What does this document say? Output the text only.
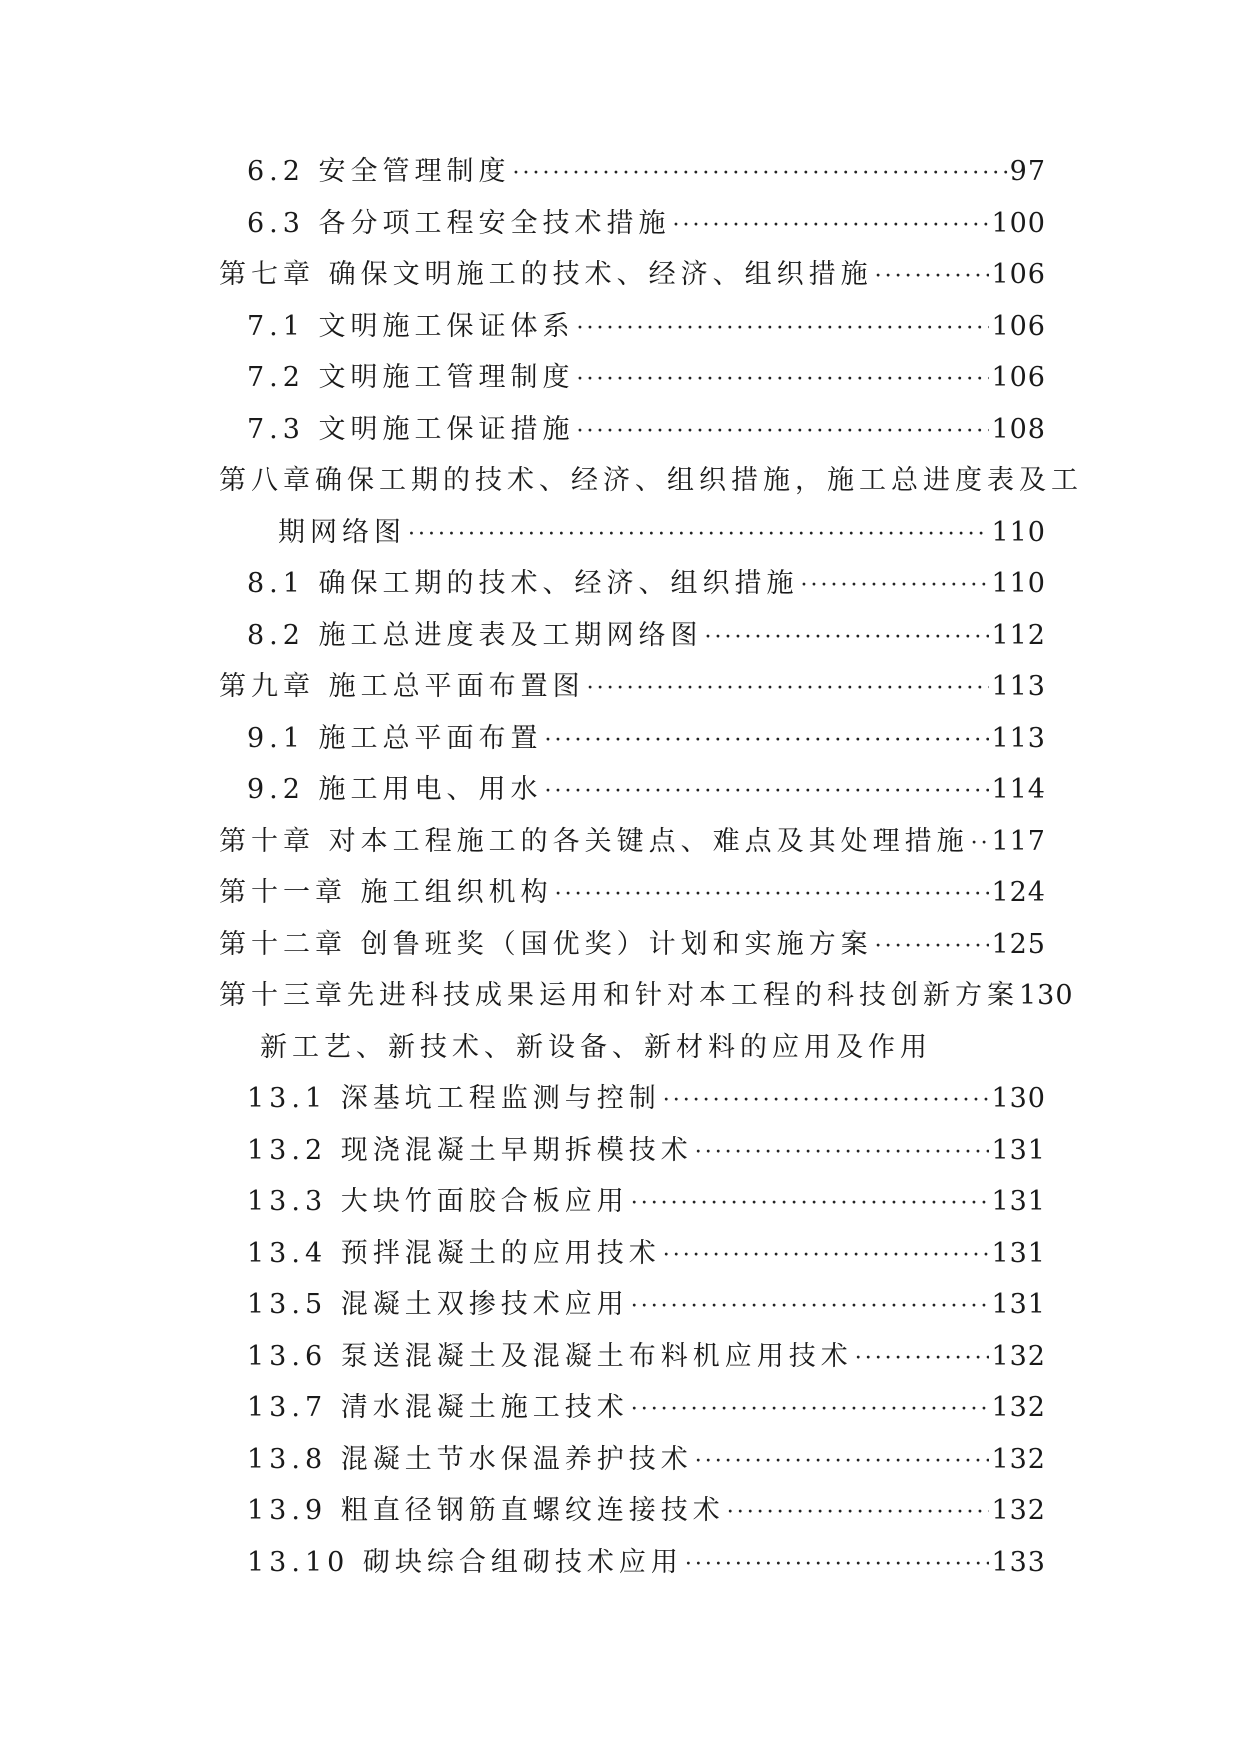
6.2 安全管理制度 ·····	97
6.3 各分项工程安全技术措施 ·····	100
第七章 确保文明施工的技术、经济、组织措施 ·····	106
7.1 文明施工保证体系 ·····	106
7.2 文明施工管理制度 ·····	106
7.3 文明施工保证措施 ·····	108
第八章确保工期的技术、经济、组织措施，施工总进度表及工
期网络图 ·····	110
8.1 确保工期的技术、经济、组织措施 ·····	110
8.2 施工总进度表及工期网络图 ·····	112
第九章 施工总平面布置图 ·····	113
9.1 施工总平面布置 ·····	113
9.2 施工用电、用水 ·····	114
第十章 对本工程施工的各关键点、难点及其处理措施 ····· 117
第十一章 施工组织机构 ·····	124
第十二章 创鲁班奖（国优奖）计划和实施方案 ·····	125
第十三章先进科技成果运用和针对本工程的科技创新方案 130
新工艺、新技术、新设备、新材料的应用及作用
13.1 深基坑工程监测与控制 ·····	130
13.2 现浇混凝土早期拆模技术 ·····	131
13.3 大块竹面胶合板应用 ·····	131
13.4 预拌混凝土的应用技术 ·····	131
13.5 混凝土双掺技术应用 ·····	131
13.6 泵送混凝土及混凝土布料机应用技术 ·····	132
13.7 清水混凝土施工技术 ·····	132
13.8 混凝土节水保温养护技术 ·····	132
13.9 粗直径钢筋直螺纹连接技术 ·····	132
13.10 砌块综合组砌技术应用 ·····	133
